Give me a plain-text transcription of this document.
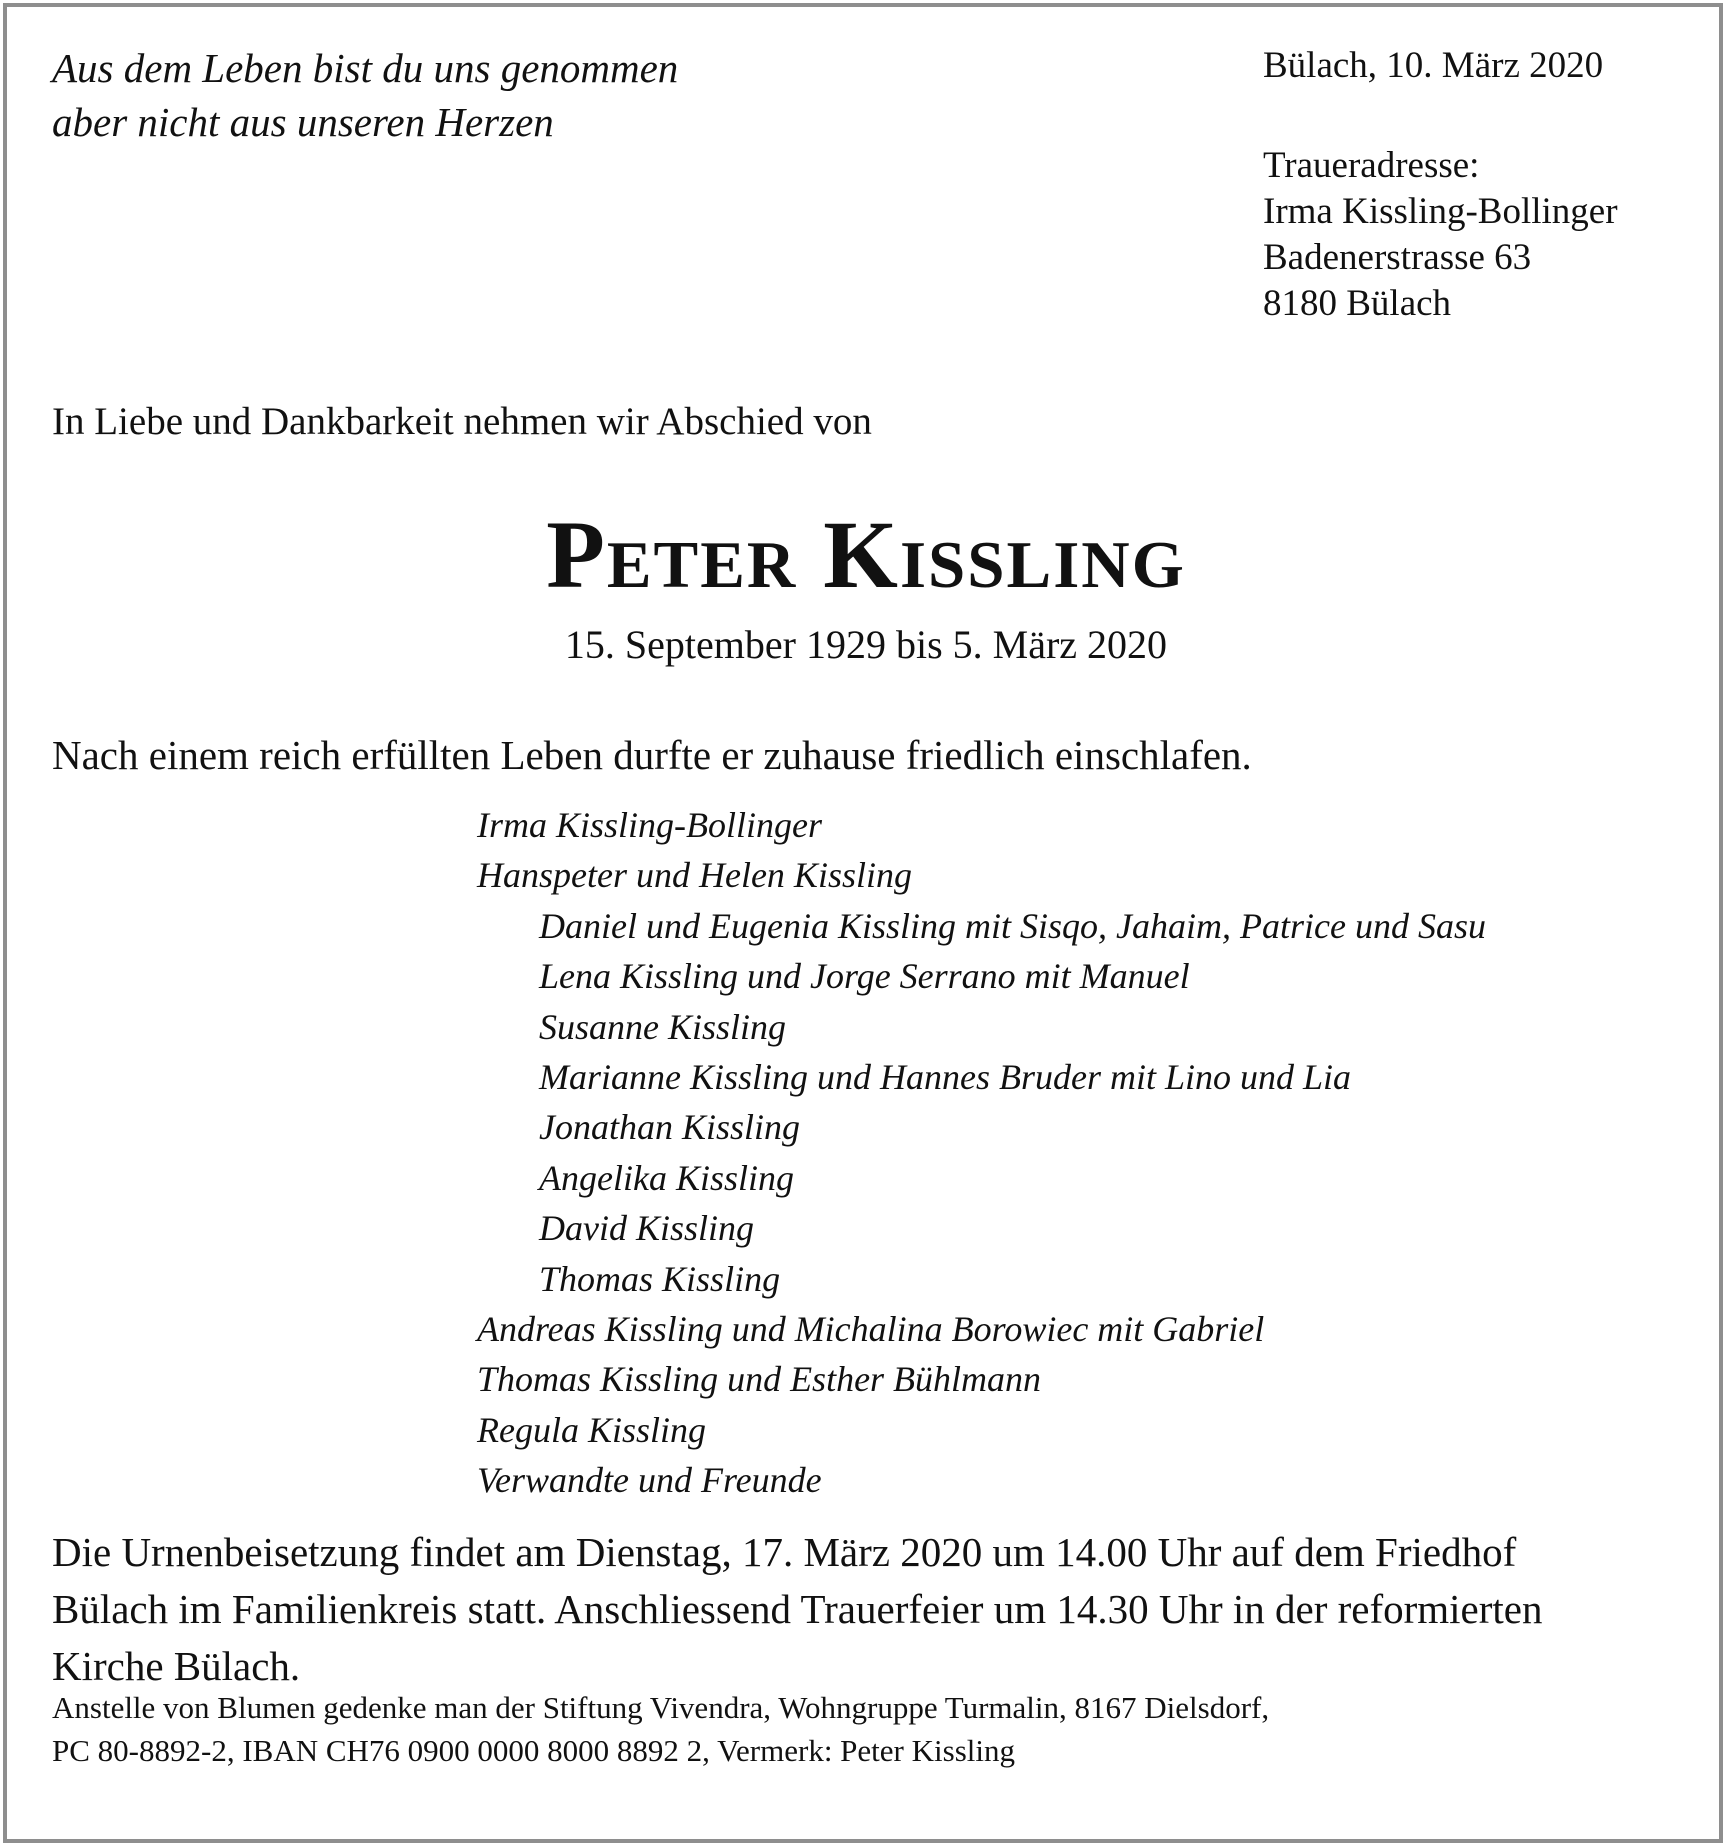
Aus dem Leben bist du uns genommen
aber nicht aus unseren Herzen
Bülach, 10. März 2020
Traueradresse:
Irma Kissling-Bollinger
Badenerstrasse 63
8180 Bülach
In Liebe und Dankbarkeit nehmen wir Abschied von
Peter Kissling
15. September 1929 bis 5. März 2020
Nach einem reich erfüllten Leben durfte er zuhause friedlich einschlafen.
Irma Kissling-Bollinger
Hanspeter und Helen Kissling
Daniel und Eugenia Kissling mit Sisqo, Jahaim, Patrice und Sasu
Lena Kissling und Jorge Serrano mit Manuel
Susanne Kissling
Marianne Kissling und Hannes Bruder mit Lino und Lia
Jonathan Kissling
Angelika Kissling
David Kissling
Thomas Kissling
Andreas Kissling und Michalina Borowiec mit Gabriel
Thomas Kissling und Esther Bühlmann
Regula Kissling
Verwandte und Freunde
Die Urnenbeisetzung findet am Dienstag, 17. März 2020 um 14.00 Uhr auf dem Friedhof
Bülach im Familienkreis statt. Anschliessend Trauerfeier um 14.30 Uhr in der reformierten
Kirche Bülach.
Anstelle von Blumen gedenke man der Stiftung Vivendra, Wohngruppe Turmalin, 8167 Dielsdorf,
PC 80-8892-2, IBAN CH76 0900 0000 8000 8892 2, Vermerk: Peter Kissling
